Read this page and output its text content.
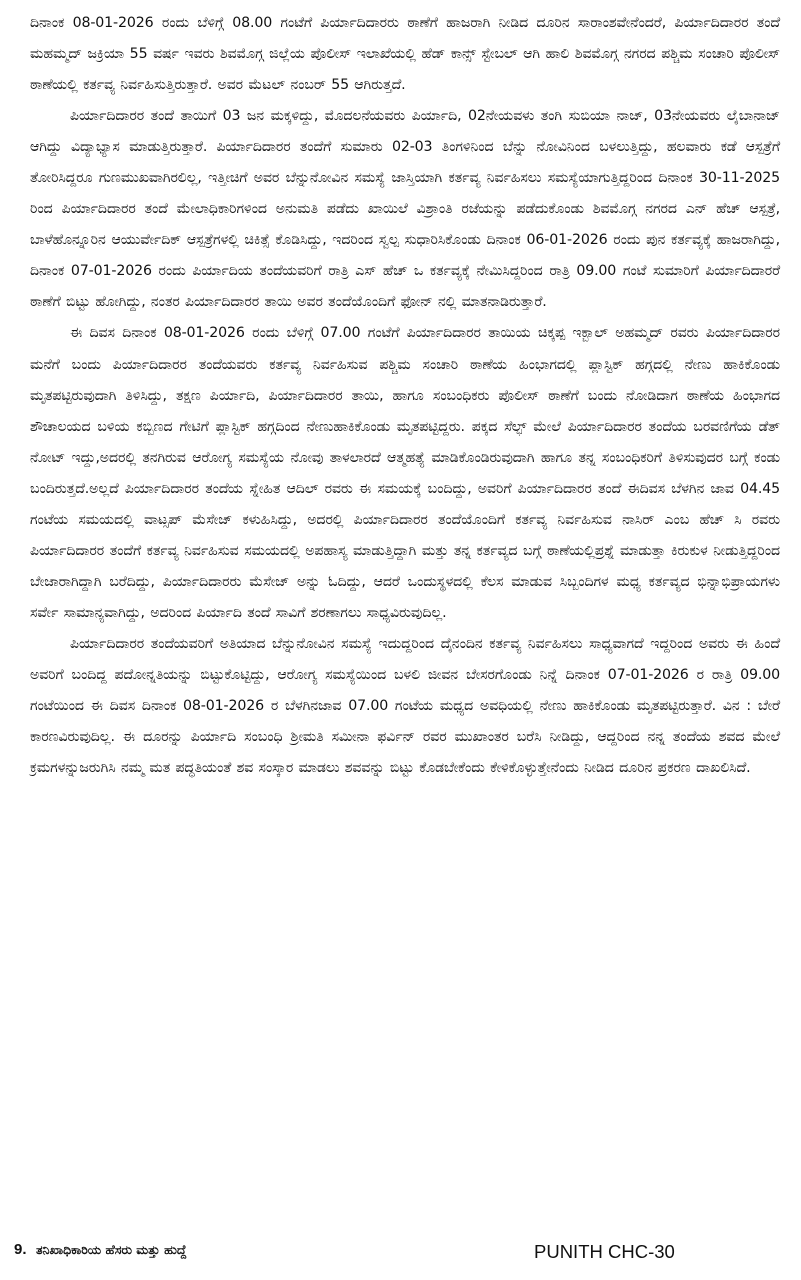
ದಿನಾಂಕ 08-01-2026 ರಂದು ಬೆಳಿಗ್ಗೆ 08.00 ಗಂಟೆಗೆ ಪಿರ್ಯಾದಿದಾರರು ಠಾಣೆಗೆ ಹಾಜರಾಗಿ ನೀಡಿದ ದೂರಿನ ಸಾರಾಂಶವೇನೆಂದರೆ, ಪಿರ್ಯಾದಿದಾರರ ತಂದೆ ಮಹಮ್ಮದ್ ಜಕ್ರಿಯಾ 55 ವರ್ಷ ಇವರು ಶಿವಮೊಗ್ಗ ಜಿಲ್ಲೆಯ ಪೊಲೀಸ್ ಇಲಾಖೆಯಲ್ಲಿ ಹೆಡ್ ಕಾನ್ಸ್ ಸ್ಟೇಬಲ್ ಆಗಿ ಹಾಲಿ ಶಿವಮೊಗ್ಗ ನಗರದ ಪಶ್ಚಿಮ ಸಂಚಾರಿ ಪೊಲೀಸ್ ಠಾಣೆಯಲ್ಲಿ ಕರ್ತವ್ಯ ನಿರ್ವಹಿಸುತ್ತಿರುತ್ತಾರೆ. ಅವರ ಮೆಟಲ್ ನಂಬರ್ 55 ಆಗಿರುತ್ತದೆ.

ಪಿರ್ಯಾದಿದಾರರ ತಂದೆ ತಾಯಿಗೆ 03 ಜನ ಮಕ್ಕಳಿದ್ದು, ಮೊದಲನೆಯವರು ಪಿರ್ಯಾದಿ, 02ನೇಯವಳು ತಂಗಿ ಸುಬಿಯಾ ನಾಜ್, 03ನೇಯವರು ಲೈಬಾನಾಜ್ ಆಗಿದ್ದು ವಿದ್ಯಾಭ್ಯಾಸ ಮಾಡುತ್ತಿರುತ್ತಾರೆ. ಪಿರ್ಯಾದಿದಾರರ ತಂದೆಗೆ ಸುಮಾರು 02-03 ತಿಂಗಳಿನಿಂದ ಬೆನ್ನು ನೋವಿನಿಂದ ಬಳಲುತ್ತಿದ್ದು, ಹಲವಾರು ಕಡೆ ಆಸ್ಪತ್ರೆಗೆ ತೋರಿಸಿದ್ದರೂ ಗುಣಮುಖವಾಗಿರಲಿಲ್ಲ, ಇತ್ತೀಚಿಗೆ ಅವರ ಬೆನ್ನುನೋವಿನ ಸಮಸ್ಯೆ ಜಾಸ್ತಿಯಾಗಿ ಕರ್ತವ್ಯ ನಿರ್ವಹಿಸಲು ಸಮಸ್ಯೆಯಾಗುತ್ತಿದ್ದರಿಂದ ದಿನಾಂಕ 30-11-2025 ರಿಂದ ಪಿರ್ಯಾದಿದಾರರ ತಂದೆ ಮೇಲಾಧಿಕಾರಿಗಳಿಂದ ಅನುಮತಿ ಪಡೆದು ಖಾಯಿಲೆ ವಿಶ್ರಾಂತಿ ರಜೆಯನ್ನು ಪಡೆದುಕೊಂಡು ಶಿವಮೊಗ್ಗ ನಗರದ ಎನ್ ಹೆಚ್ ಆಸ್ಪತ್ರೆ, ಬಾಳೆಹೊನ್ನೂರಿನ ಆಯುರ್ವೇದಿಕ್ ಆಸ್ಪತ್ರೆಗಳಲ್ಲಿ ಚಿಕಿತ್ಸೆ ಕೊಡಿಸಿದ್ದು, ಇದರಿಂದ ಸ್ವಲ್ಪ ಸುಧಾರಿಸಿಕೊಂಡು ದಿನಾಂಕ 06-01-2026 ರಂದು ಪುನ ಕರ್ತವ್ಯಕ್ಕೆ ಹಾಜರಾಗಿದ್ದು, ದಿನಾಂಕ 07-01-2026 ರಂದು ಪಿರ್ಯಾದಿಯ ತಂದೆಯವರಿಗೆ ರಾತ್ರಿ ಎಸ್ ಹೆಚ್ ಒ ಕರ್ತವ್ಯಕ್ಕೆ ನೇಮಿಸಿದ್ದರಿಂದ ರಾತ್ರಿ 09.00 ಗಂಟೆ ಸುಮಾರಿಗೆ ಪಿರ್ಯಾದಿದಾರರೆ ಠಾಣೆಗೆ ಬಿಟ್ಟು ಹೋಗಿದ್ದು, ನಂತರ ಪಿರ್ಯಾದಿದಾರರ ತಾಯಿ ಅವರ ತಂದೆಯೊಂದಿಗೆ ಫೋನ್ ನಲ್ಲಿ ಮಾತನಾಡಿರುತ್ತಾರೆ.

ಈ ದಿವಸ ದಿನಾಂಕ 08-01-2026 ರಂದು ಬೆಳಿಗ್ಗೆ 07.00 ಗಂಟೆಗೆ ಪಿರ್ಯಾದಿದಾರರ ತಾಯಿಯ ಚಿಕ್ಕಪ್ಪ ಇಕ್ಬಾಲ್ ಅಹಮ್ಮದ್ ರವರು ಪಿರ್ಯಾದಿದಾರರ ಮನೆಗೆ ಬಂದು ಪಿರ್ಯಾದಿದಾರರ ತಂದೆಯವರು ಕರ್ತವ್ಯ ನಿರ್ವಹಿಸುವ ಪಶ್ಚಿಮ ಸಂಚಾರಿ ಠಾಣೆಯ ಹಿಂಭಾಗದಲ್ಲಿ ಪ್ಲಾಸ್ಟಿಕ್ ಹಗ್ಗದಲ್ಲಿ ನೇಣು ಹಾಕಿಕೊಂಡು ಮೃತಪಟ್ಟಿರುವುದಾಗಿ ತಿಳಿಸಿದ್ದು, ತಕ್ಷಣ ಪಿರ್ಯಾದಿ, ಪಿರ್ಯಾದಿದಾರರ ತಾಯಿ, ಹಾಗೂ ಸಂಬಂಧಿಕರು ಪೊಲೀಸ್ ಠಾಣೆಗೆ ಬಂದು ನೋಡಿದಾಗ ಠಾಣೆಯ ಹಿಂಭಾಗದ ಶೌಚಾಲಯದ ಬಳಿಯ ಕಬ್ಬಿಣದ ಗೇಟಿಗೆ ಪ್ಲಾಸ್ಟಿಕ್ ಹಗ್ಗದಿಂದ ನೇಣುಹಾಕಿಕೊಂಡು ಮೃತಪಟ್ಟಿದ್ದರು. ಪಕ್ಕದ ಸೆಲ್ಫ್ ಮೇಲೆ ಪಿರ್ಯಾದಿದಾರರ ತಂದೆಯ ಬರವಣಿಗೆಯ ಡೆತ್ ನೋಟ್ ಇದ್ದು,ಅದರಲ್ಲಿ ತನಗಿರುವ ಆರೋಗ್ಯ ಸಮಸ್ಯೆಯ ನೋವು ತಾಳಲಾರದೆ ಆತ್ಮಹತ್ಯೆ ಮಾಡಿಕೊಂಡಿರುವುದಾಗಿ ಹಾಗೂ ತನ್ನ ಸಂಬಂಧಿಕರಿಗೆ ತಿಳಿಸುವುದರ ಬಗ್ಗೆ ಕಂಡು ಬಂದಿರುತ್ತದೆ.ಅಲ್ಲದೆ ಪಿರ್ಯಾದಿದಾರರ ತಂದೆಯ ಸ್ನೇಹಿತ ಆದಿಲ್ ರವರು ಈ ಸಮಯಕ್ಕೆ ಬಂದಿದ್ದು, ಅವರಿಗೆ ಪಿರ್ಯಾದಿದಾರರ ತಂದೆ ಈದಿವಸ ಬೆಳಗಿನ ಜಾವ 04.45 ಗಂಟೆಯ ಸಮಯದಲ್ಲಿ ವಾಟ್ಸಪ್ ಮೆಸೇಜ್ ಕಳುಹಿಸಿದ್ದು, ಅದರಲ್ಲಿ ಪಿರ್ಯಾದಿದಾರರ ತಂದೆಯೊಂದಿಗೆ ಕರ್ತವ್ಯ ನಿರ್ವಹಿಸುವ ನಾಸಿರ್ ಎಂಬ ಹೆಚ್ ಸಿ ರವರು ಪಿರ್ಯಾದಿದಾರರ ತಂದೆಗೆ ಕರ್ತವ್ಯ ನಿರ್ವಹಿಸುವ ಸಮಯದಲ್ಲಿ ಅಪಹಾಸ್ಯ ಮಾಡುತ್ತಿದ್ದಾಗಿ ಮತ್ತು ತನ್ನ ಕರ್ತವ್ಯದ ಬಗ್ಗೆ ಠಾಣೆಯಲ್ಲಿಪ್ರಶ್ನೆ ಮಾಡುತ್ತಾ ಕಿರುಕುಳ ನೀಡುತ್ತಿದ್ದರಿಂದ ಬೇಜಾರಾಗಿದ್ದಾಗಿ ಬರೆದಿದ್ದು, ಪಿರ್ಯಾದಿದಾರರು ಮೆಸೇಜ್ ಅನ್ನು ಓದಿದ್ದು, ಆದರೆ ಒಂದುಸ್ಥಳದಲ್ಲಿ ಕೆಲಸ ಮಾಡುವ ಸಿಬ್ಬಂದಿಗಳ ಮಧ್ಯ ಕರ್ತವ್ಯದ ಭಿನ್ನಾಭಿಪ್ರಾಯಗಳು ಸರ್ವೇ ಸಾಮಾನ್ಯವಾಗಿದ್ದು, ಅದರಿಂದ ಪಿರ್ಯಾದಿ ತಂದೆ ಸಾವಿಗೆ ಶರಣಾಗಲು ಸಾಧ್ಯವಿರುವುದಿಲ್ಲ.

ಪಿರ್ಯಾದಿದಾರರ ತಂದೆಯವರಿಗೆ ಅತಿಯಾದ ಬೆನ್ನುನೋವಿನ ಸಮಸ್ಯೆ ಇದುದ್ದರಿಂದ ದೈನಂದಿನ ಕರ್ತವ್ಯ ನಿರ್ವಹಿಸಲು ಸಾಧ್ಯವಾಗದೆ ಇದ್ದರಿಂದ ಅವರು ಈ ಹಿಂದೆ ಅವರಿಗೆ ಬಂದಿದ್ದ ಪದೋನ್ನತಿಯನ್ನು ಬಿಟ್ಟುಕೊಟ್ಟಿದ್ದು, ಆರೋಗ್ಯ ಸಮಸ್ಯೆಯಿಂದ ಬಳಲಿ ಜೀವನ ಬೇಸರಗೊಂಡು ನಿನ್ನೆ ದಿನಾಂಕ 07-01-2026 ರ ರಾತ್ರಿ 09.00 ಗಂಟೆಯಿಂದ ಈ ದಿವಸ ದಿನಾಂಕ 08-01-2026 ರ ಬೆಳಗಿನಜಾವ 07.00 ಗಂಟೆಯ ಮಧ್ಯದ ಅವಧಿಯಲ್ಲಿ ನೇಣು ಹಾಕಿಕೊಂಡು ಮೃತಪಟ್ಟಿರುತ್ತಾರೆ. ವಿನ : ಬೇರೆ ಕಾರಣವಿರುವುದಿಲ್ಲ. ಈ ದೂರನ್ನು ಪಿರ್ಯಾದಿ ಸಂಬಂಧಿ ಶ್ರೀಮತಿ ಸಮೀನಾ ಫರ್ವಿನ್ ರವರ ಮುಖಾಂತರ ಬರೆಸಿ ನೀಡಿದ್ದು, ಆದ್ದರಿಂದ ನನ್ನ ತಂದೆಯ ಶವದ ಮೇಲೆ ಕ್ರಮಗಳನ್ನುಜರುಗಿಸಿ ನಮ್ಮ ಮತ ಪದ್ಧತಿಯಂತೆ ಶವ ಸಂಸ್ಕಾರ ಮಾಡಲು ಶವವನ್ನು ಬಿಟ್ಟು ಕೊಡಬೇಕೆಂದು ಕೇಳಿಕೊಳ್ಳುತ್ತೇನೆಂದು ನೀಡಿದ ದೂರಿನ ಪ್ರಕರಣ ದಾಖಲಿಸಿದೆ.

9. ತನಿಖಾಧಿಕಾರಿಯ ಹೆಸರು ಮತ್ತು ಹುದ್ದೆ	PUNITH CHC-30
